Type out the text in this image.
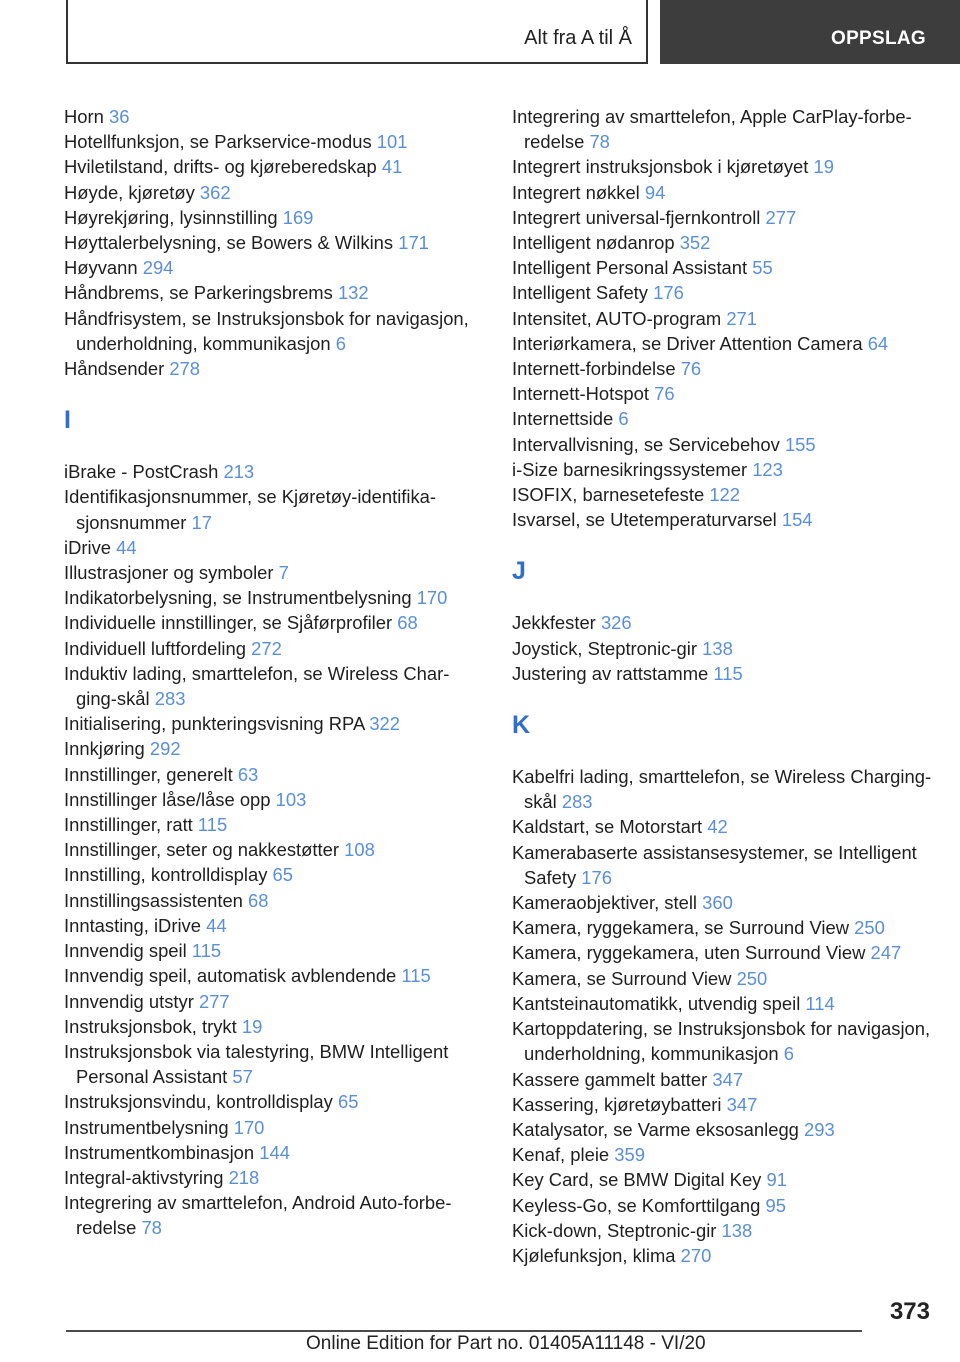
Alt fra A til Å	OPPSLAG
Horn 36
Hotellfunksjon, se Parkservice-modus 101
Hviletilstand, drifts- og kjøreberedskap 41
Høyde, kjøretøy 362
Høyrekjøring, lysinnstilling 169
Høyttalerbelysning, se Bowers & Wilkins 171
Høyvann 294
Håndbrems, se Parkeringsbrems 132
Håndfrisystem, se Instruksjonsbok for navigasjon, underholdning, kommunikasjon 6
Håndsender 278
I
iBrake - PostCrash 213
Identifikasjonsnummer, se Kjøretøy-identifikasjonsnummer 17
iDrive 44
Illustrasjoner og symboler 7
Indikatorbelysning, se Instrumentbelysning 170
Individuelle innstillinger, se Sjåførprofiler 68
Individuell luftfordeling 272
Induktiv lading, smarttelefon, se Wireless Charging-skål 283
Initialisering, punkteringsvisning RPA 322
Innkjøring 292
Innstillinger, generelt 63
Innstillinger låse/låse opp 103
Innstillinger, ratt 115
Innstillinger, seter og nakkestøtter 108
Innstilling, kontrolldisplay 65
Innstillingsassistenten 68
Inntasting, iDrive 44
Innvendig speil 115
Innvendig speil, automatisk avblendende 115
Innvendig utstyr 277
Instruksjonsbok, trykt 19
Instruksjonsbok via talestyring, BMW Intelligent Personal Assistant 57
Instruksjonsvindu, kontrolldisplay 65
Instrumentbelysning 170
Instrumentkombinasjon 144
Integral-aktivstyring 218
Integrering av smarttelefon, Android Auto-forberedelse 78
Integrering av smarttelefon, Apple CarPlay-forberedelse 78
Integrert instruksjonsbok i kjøretøyet 19
Integrert nøkkel 94
Integrert universal-fjernkontroll 277
Intelligent nødanrop 352
Intelligent Personal Assistant 55
Intelligent Safety 176
Intensitet, AUTO-program 271
Interiørkamera, se Driver Attention Camera 64
Internett-forbindelse 76
Internett-Hotspot 76
Internettside 6
Intervallvisning, se Servicebehov 155
i-Size barnesikringssystemer 123
ISOFIX, barnesetefeste 122
Isvarsel, se Utetemperaturvarsel 154
J
Jekkfester 326
Joystick, Steptronic-gir 138
Justering av rattstamme 115
K
Kabelfri lading, smarttelefon, se Wireless Charging-skål 283
Kaldstart, se Motorstart 42
Kamerabaserte assistansesystemer, se Intelligent Safety 176
Kameraobjektiver, stell 360
Kamera, ryggekamera, se Surround View 250
Kamera, ryggekamera, uten Surround View 247
Kamera, se Surround View 250
Kantsteinautomatikk, utvendig speil 114
Kartoppdatering, se Instruksjonsbok for navigasjon, underholdning, kommunikasjon 6
Kassere gammelt batter 347
Kassering, kjøretøybatteri 347
Katalysator, se Varme eksosanlegg 293
Kenaf, pleie 359
Key Card, se BMW Digital Key 91
Keyless-Go, se Komforttilgang 95
Kick-down, Steptronic-gir 138
Kjølefunksjon, klima 270
373
Online Edition for Part no. 01405A11148 - VI/20
